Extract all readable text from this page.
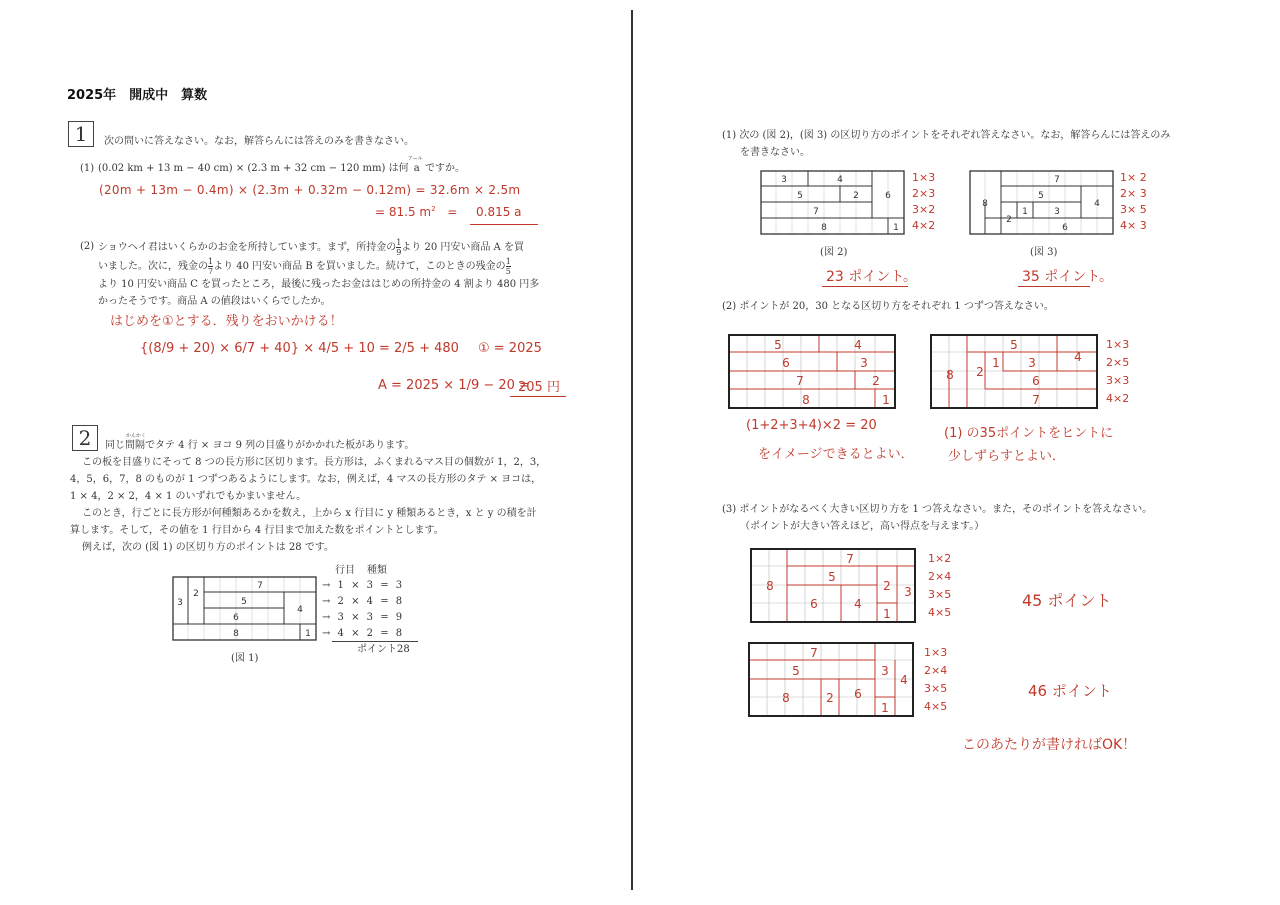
2025年　開成中　算数
1	次の問いに答えなさい。なお，解答らんには答えのみを書きなさい。
(1) (0.02 km + 13 m − 40 cm) × (2.3 m + 32 cm − 120 mm) は何
アール
a ですか。
(20m + 13m − 0.4m) × (2.3m + 0.32m − 0.12m) = 32.6m × 2.5m
= 81.5 $m^2 = 0.815$ a
(2) ショウヘイ君はいくらかのお金を所持しています。まず，所持金の $\frac{1}{9}$ より 20 円安い商品 A を買
いました。次に，残金の $\frac{1}{7}$ より 40 円安い商品 B を買いました。続けて，このときの残金の $\frac{1}{5}$
より 10 円安い商品 C を買ったところ，最後に残ったお金ははじめの所持金の 4 割より 480 円多
かったそうです。商品 A の値段はいくらでしたか。
はじめを①とする．残りをおいかける！
{(8/9 + 20) × 6/7 + 40} × 4/5 + 10 = 2/5 + 480 ① = 2025
A = 2025 × 1/9 − 20 =
205 円
2	かんかく
同じ間隔でタテ 4 行 × ヨコ 9 列の目盛りがかかれた板があります。
この板を目盛りにそって 8 つの長方形に区切ります。長方形は，ふくまれるマス目の個数が 1，2，3，
4，5，6，7，8 のものが 1 つずつあるようにします。なお，例えば，4 マスの長方形のタテ × ヨコは，
1 × 4，2 × 2，4 × 1 のいずれでもかまいません。
このとき，行ごとに長方形が何種類あるかを数え，上から x 行目に y 種類あるとき，x と y の積を計
算します。そして，その値を 1 行目から 4 行目まで加えた数をポイントとします。
例えば，次の (図 1) の区切り方のポイントは 28 です。
7
3
2
5
4
6
8	1
(図 1)
行目 種類
→ 1 × 3 = 3
→ 2 × 4 = 8
→ 3 × 3 = 9
→ 4 × 2 = 8
ポイント28
(1) 次の (図 2)，(図 3) の区切り方のポイントをそれぞれ答えなさい。なお，解答らんには答えのみ
を書きなさい。
3	4
5	2	6
7
8	1
(図 2)
1×3
2×3
3×2
4×2
7
5
8	4
1	3
2
6
(図 3)
1× 2
2× 3
3× 5
4× 3
23 ポイント。	35 ポイント。
(2) ポイントが 20，30 となる区切り方をそれぞれ 1 つずつ答えなさい。
5	4
6	3
7	2
8	1
5
4
1 3
8 2
6
7
1×3
2×5
3×3
4×2
(1+2+3+4)×2 = 20
をイメージできるとよい．
(1) の35ポイントをヒントに
少しずらすとよい．
(3) ポイントがなるべく大きい区切り方を 1 つ答えなさい。また，そのポイントを答えなさい。
（ポイントが大きい答えほど，高い得点を与えます。）
7
5
8	2 3
6	4
1
1×2
2×4
3×5
4×5
45 ポイント
7
5	3
4
8	2 6
1
1×3
2×4
3×5
4×5
46 ポイント
このあたりが書ければOK！
